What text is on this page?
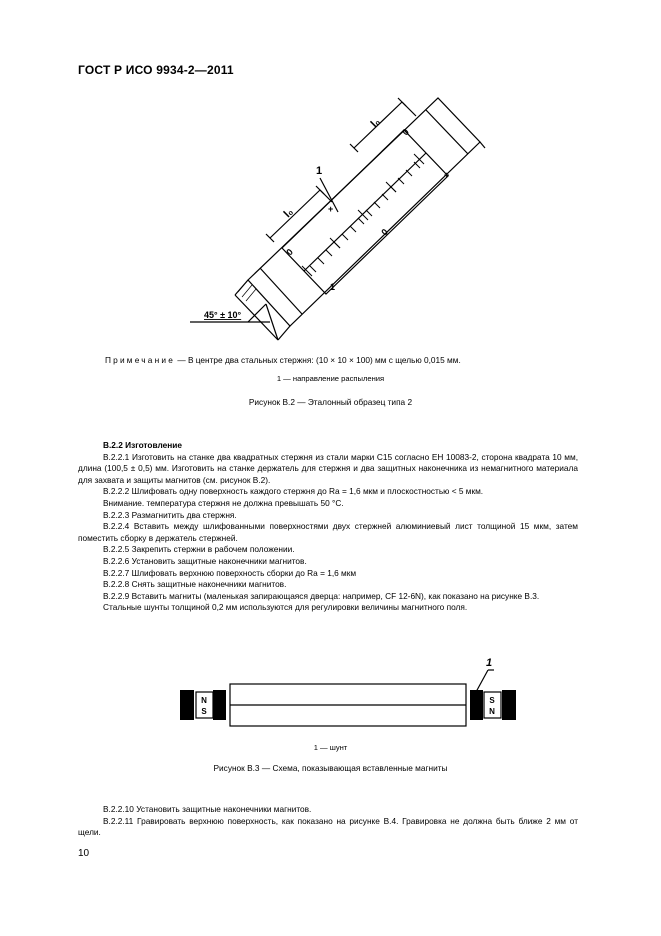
ГОСТ Р ИСО 9934-2—2011
l₀
l₀
1
45° ± 10°
0
0
+
0
1
+
Примечание — В центре два стальных стержня: (10 × 10 × 100) мм с щелью 0,015 мм.
1 — направление распыления
Рисунок В.2 — Эталонный образец типа 2

В.2.2 Изготовление

В.2.2.1 Изготовить на станке два квадратных стержня из стали марки С15 согласно ЕН 10083-2, сторона квадрата 10 мм, длина (100,5 ± 0,5) мм. Изготовить на станке держатель для стержня и два защитных наконечника из немагнитного материала для захвата и защиты магнитов (см. рисунок В.2).

В.2.2.2 Шлифовать одну поверхность каждого стержня до Ra = 1,6 мкм и плоскостностью < 5 мкм.

Внимание. температура стержня не должна превышать 50 °С.

В.2.2.3 Размагнитить два стержня.

В.2.2.4 Вставить между шлифованными поверхностями двух стержней алюминиевый лист толщиной 15 мкм, затем поместить сборку в держатель стержней.

В.2.2.5 Закрепить стержни в рабочем положении.

В.2.2.6 Установить защитные наконечники магнитов.

В.2.2.7 Шлифовать верхнюю поверхность сборки до Ra = 1,6 мкм

В.2.2.8 Снять защитные наконечники магнитов.

В.2.2.9 Вставить магниты (маленькая запирающаяся дверца: например, CF 12-6N), как показано на рисунке В.3.

Стальные шунты толщиной 0,2 мм используются для регулировки величины магнитного поля.

N
S
S
N
1
1 — шунт
Рисунок В.3 — Схема, показывающая вставленные магниты

В.2.2.10 Установить защитные наконечники магнитов.

В.2.2.11 Гравировать верхнюю поверхность, как показано на рисунке В.4. Гравировка не должна быть ближе 2 мм от щели.

10
